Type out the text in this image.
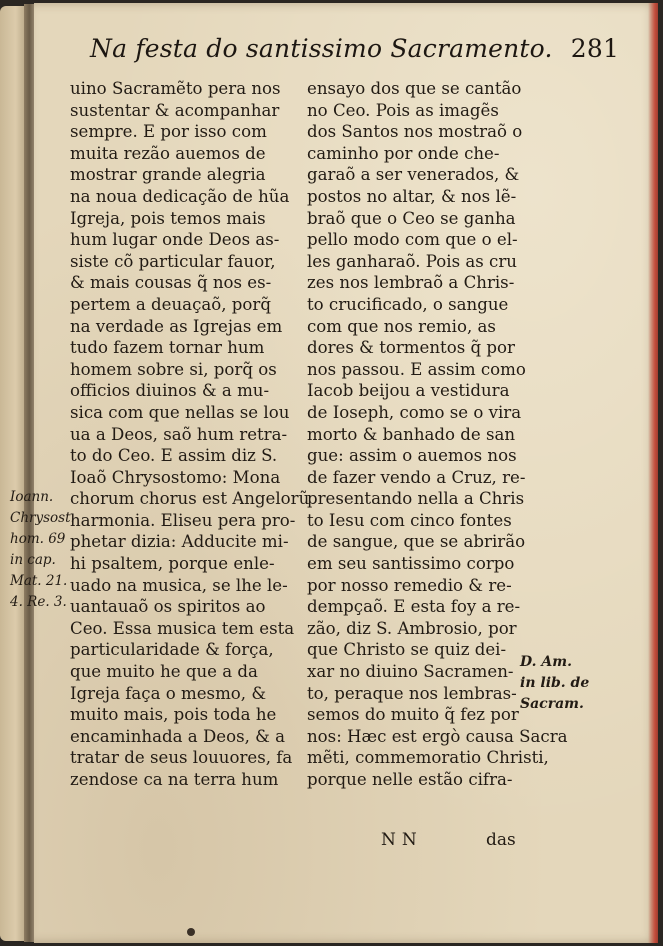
Na festa do santissimo Sacramento. 281
uino Sacramẽto pera nos
sustentar & acompanhar
sempre. E por isso com
muita rezão auemos de
mostrar grande alegria
na noua dedicação de hũa
Igreja, pois temos mais
hum lugar onde Deos as-
siste cõ particular fauor,
& mais cousas q̃ nos es-
pertem a deuaçaõ, porq̃
na verdade as Igrejas em
tudo fazem tornar hum
homem sobre si, porq̃ os
officios diuinos & a mu-
sica com que nellas se lou
ua a Deos, saõ hum retra-
to do Ceo. E assim diz S.
Ioaõ Chrysostomo: Mona
chorum chorus est Angelorũ
harmonia. Eliseu pera pro-
phetar dizia: Adducite mi-
hi psaltem, porque enle-
uado na musica, se lhe le-
uantauaõ os spiritos ao
Ceo. Essa musica tem esta
particularidade & força,
que muito he que a da
Igreja faça o mesmo, &
muito mais, pois toda he
encaminhada a Deos, & a
tratar de seus louuores, fa
zendose ca na terra hum
ensayo dos que se cantão
no Ceo. Pois as imagẽs
dos Santos nos mostraõ o
caminho por onde che-
garaõ a ser venerados, &
postos no altar, & nos lẽ-
braõ que o Ceo se ganha
pello modo com que o el-
les ganharaõ. Pois as cru
zes nos lembraõ a Chris-
to crucificado, o sangue
com que nos remio, as
dores & tormentos q̃ por
nos passou. E assim como
Iacob beijou a vestidura
de Ioseph, como se o vira
morto & banhado de san
gue: assim o auemos nos
de fazer vendo a Cruz, re-
presentando nella a Chris
to Iesu com cinco fontes
de sangue, que se abrirão
em seu santissimo corpo
por nosso remedio & re-
dempçaõ. E esta foy a re-
zão, diz S. Ambrosio, por
que Christo se quiz dei-
xar no diuino Sacramen-
to, peraque nos lembras-
semos do muito q̃ fez por
nos: Hæc est ergò causa Sacra
mẽti, commemoratio Christi,
porque nelle estão cifra-
Ioann.
Chrysost.
hom. 69
in cap.
Mat. 21.
4. Re. 3.
D. Am.
in lib. de
Sacram.
NN	das
